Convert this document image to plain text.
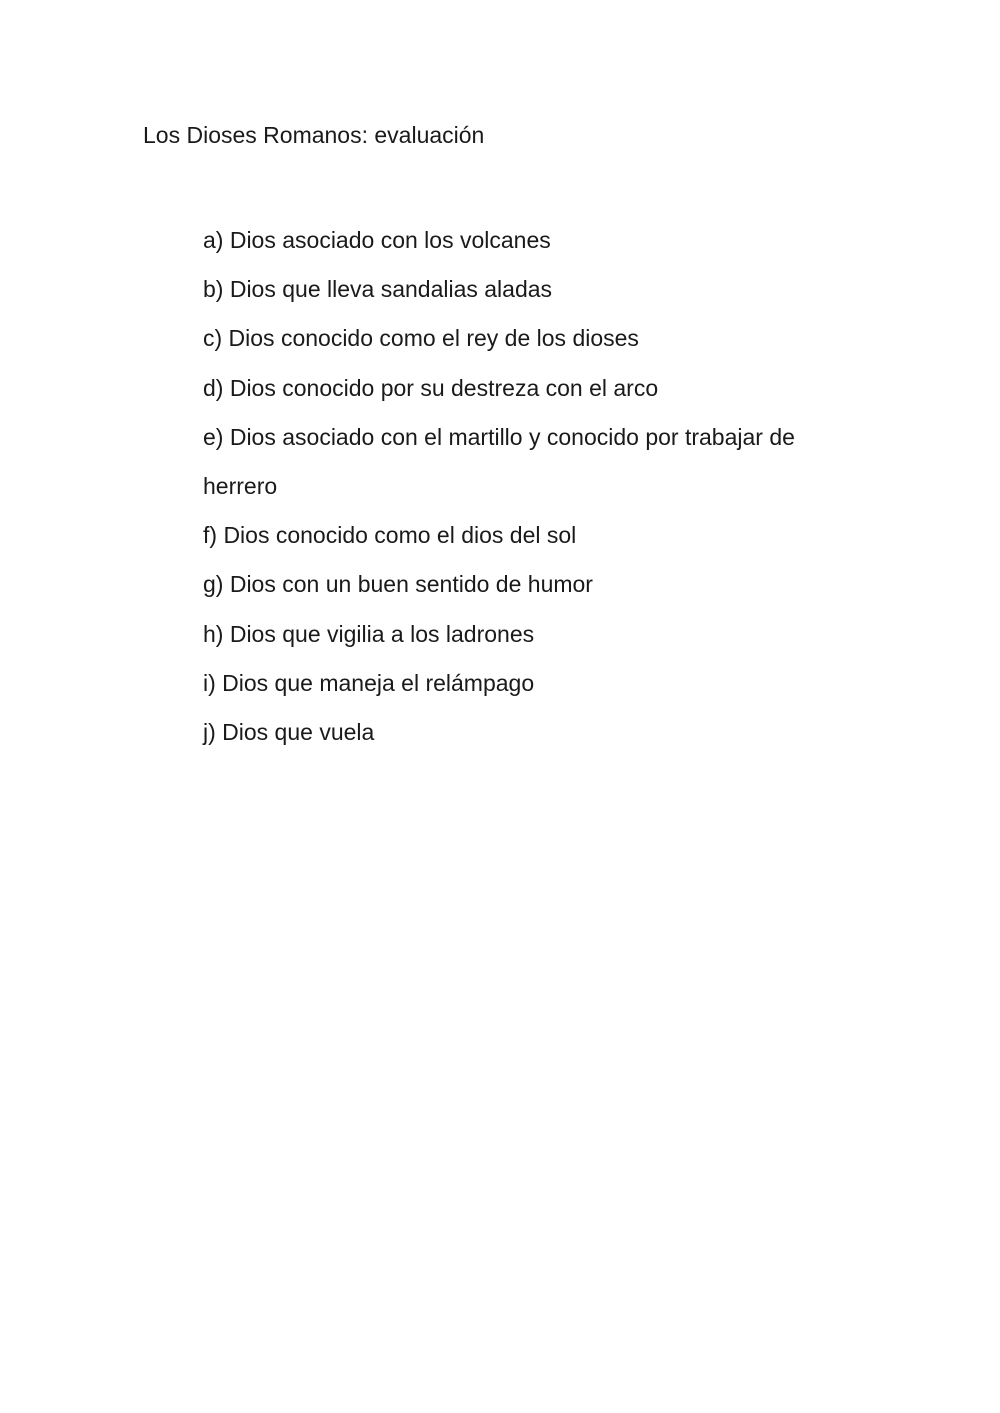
Los Dioses Romanos: evaluación
a) Dios asociado con los volcanes
b) Dios que lleva sandalias aladas
c) Dios conocido como el rey de los dioses
d) Dios conocido por su destreza con el arco
e) Dios asociado con el martillo y conocido por trabajar de herrero
f) Dios conocido como el dios del sol
g) Dios con un buen sentido de humor
h) Dios que vigilia a los ladrones
i) Dios que maneja el relámpago
j) Dios que vuela
